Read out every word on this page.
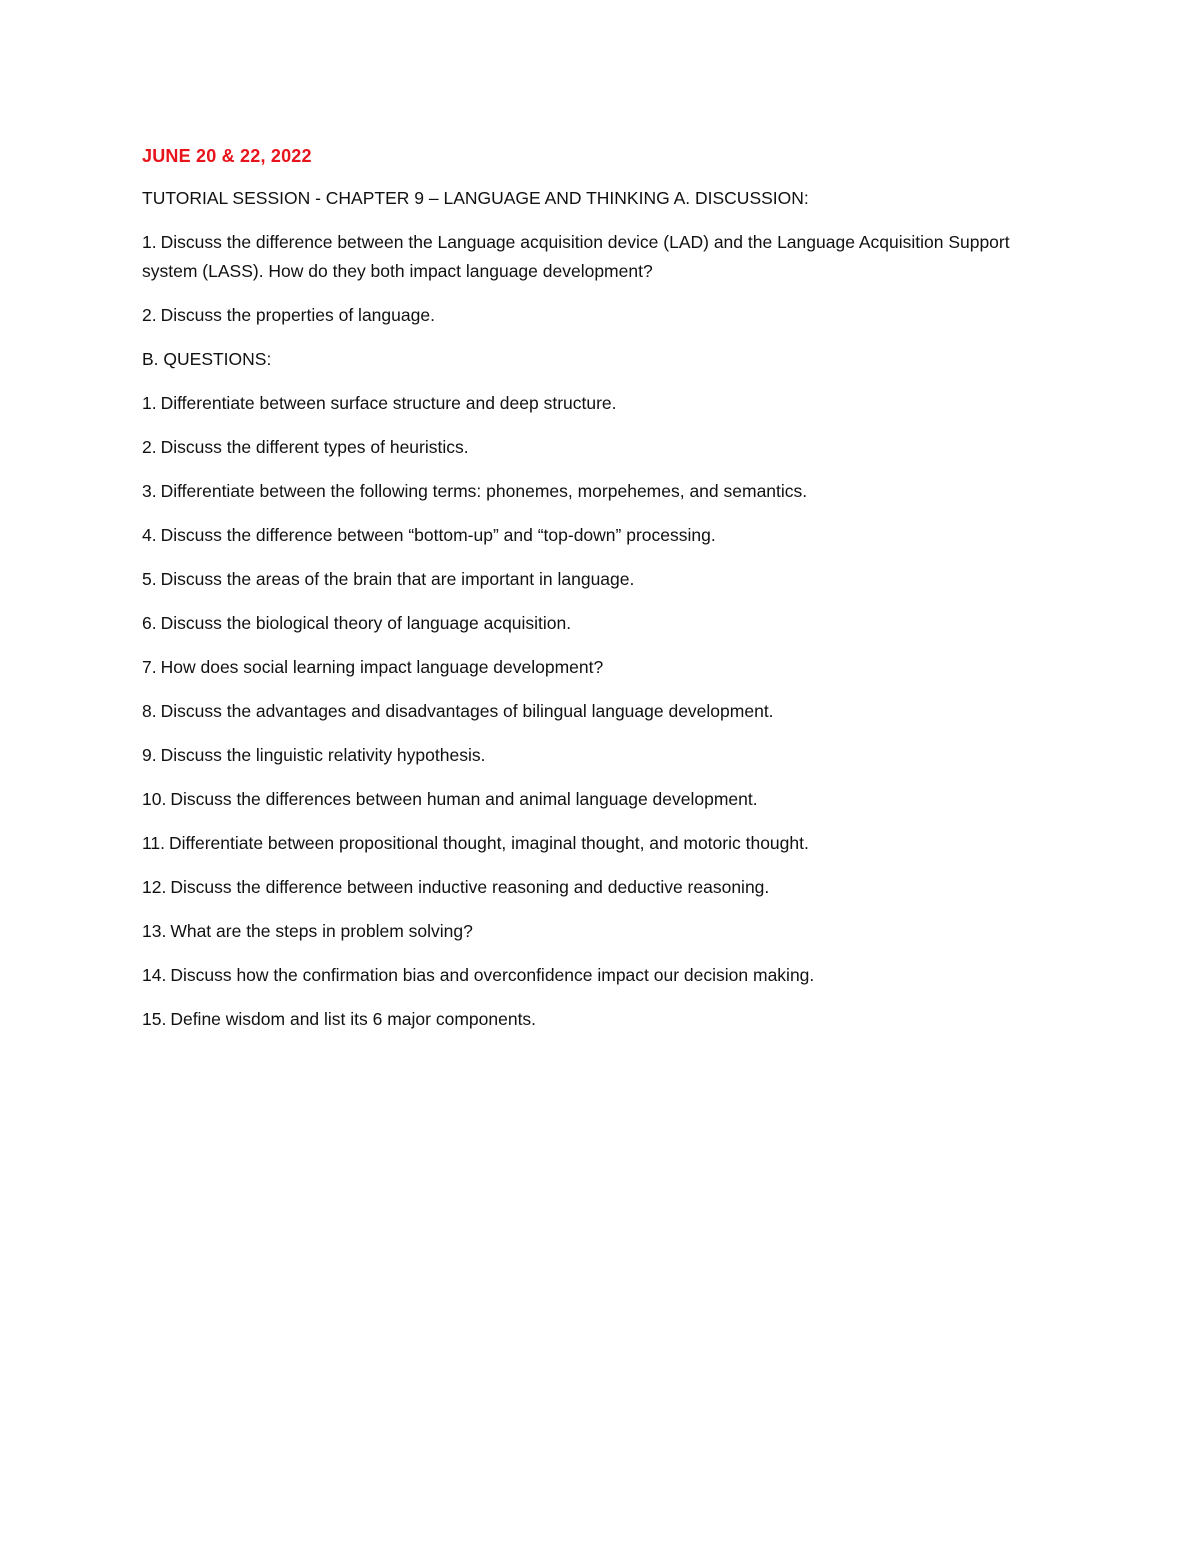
JUNE 20 & 22, 2022
TUTORIAL SESSION - CHAPTER 9 – LANGUAGE AND THINKING A. DISCUSSION:
1. Discuss the difference between the Language acquisition device (LAD) and the Language Acquisition Support system (LASS). How do they both impact language development?
2. Discuss the properties of language.
B. QUESTIONS:
1. Differentiate between surface structure and deep structure.
2. Discuss the different types of heuristics.
3. Differentiate between the following terms: phonemes, morpehemes, and semantics.
4. Discuss the difference between “bottom-up” and “top-down” processing.
5. Discuss the areas of the brain that are important in language.
6. Discuss the biological theory of language acquisition.
7. How does social learning impact language development?
8. Discuss the advantages and disadvantages of bilingual language development.
9. Discuss the linguistic relativity hypothesis.
10. Discuss the differences between human and animal language development.
11. Differentiate between propositional thought, imaginal thought, and motoric thought.
12. Discuss the difference between inductive reasoning and deductive reasoning.
13. What are the steps in problem solving?
14. Discuss how the confirmation bias and overconfidence impact our decision making.
15. Define wisdom and list its 6 major components.
